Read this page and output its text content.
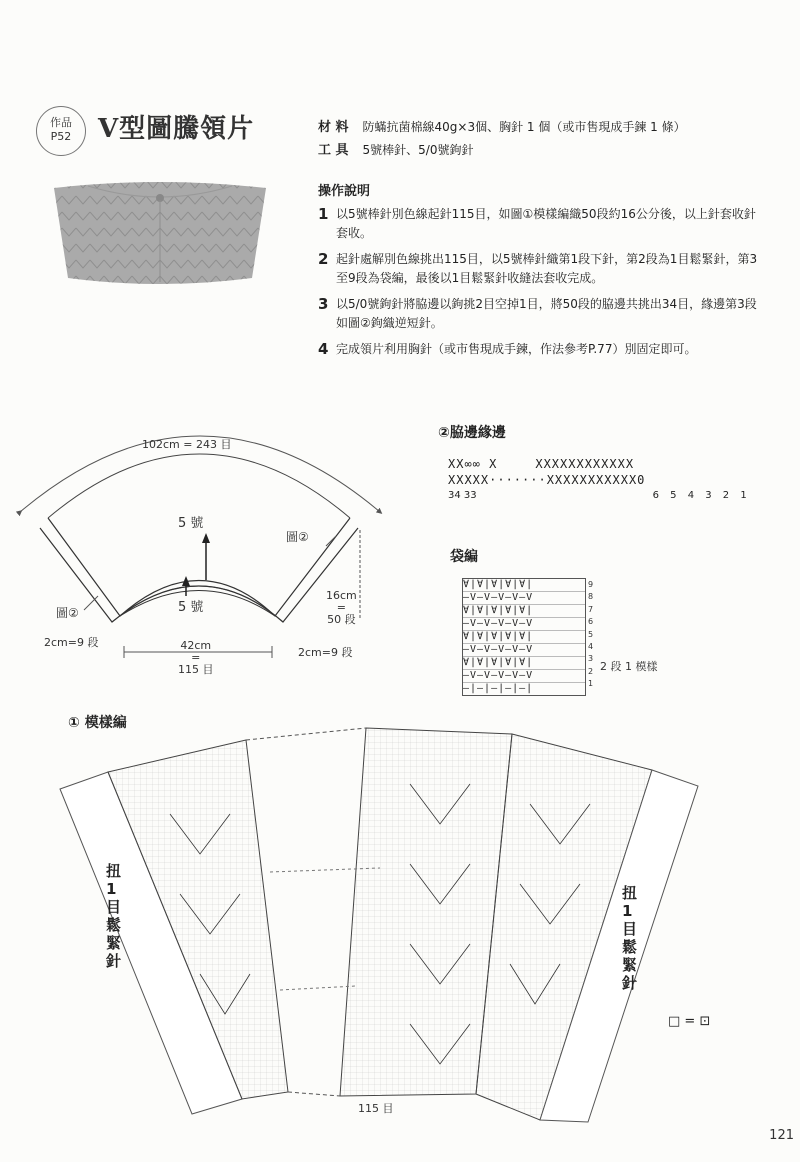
作品
P52	V型圖騰領片	材 料 防蟎抗菌棉線40g×3個、胸針 1 個（或市售現成手鍊 1 條）
工 具 5號棒針、5/0號鉤針
操作說明
1 以5號棒針別色線起針115目，如圖①模樣編織50段約16公分後，以上針套收針套收。
2 起針處解別色線挑出115目，以5號棒針織第1段下針，第2段為1目鬆緊針，第3至9段為袋編，最後以1目鬆緊針收縫法套收完成。
3 以5/0號鉤針將脇邊以鉤挑2目空掉1目，將50段的脇邊共挑出34目，緣邊第3段如圖②鉤織逆短針。
4 完成領片利用胸針（或市售現成手鍊，作法參考P.77）別固定即可。
102cm = 243 目
5 號
5 號
圖②
圖②
16cm
=
50 段
42cm
=
115 目
2cm=9 段
2cm=9 段
②脇邊緣邊
XX∞∞ X	XXXXXXXXXXXX
XXXXX·······XXXXXXXXXXX0
34 33	6 5 4 3 2 1
袋編
∀|∀|∀|∀|∀|
—V—V—V—V—V
∀|∀|∀|∀|∀|
—V—V—V—V—V
∀|∀|∀|∀|∀|
—V—V—V—V—V
∀|∀|∀|∀|∀|
—V—V—V—V—V
—|—|—|—|—|
9
8
7
6
5
4
3
2
1
2 段 1 模樣
① 模樣編
扭1目鬆緊針
扭1目鬆緊針
115 目
□ = ⊡
121
